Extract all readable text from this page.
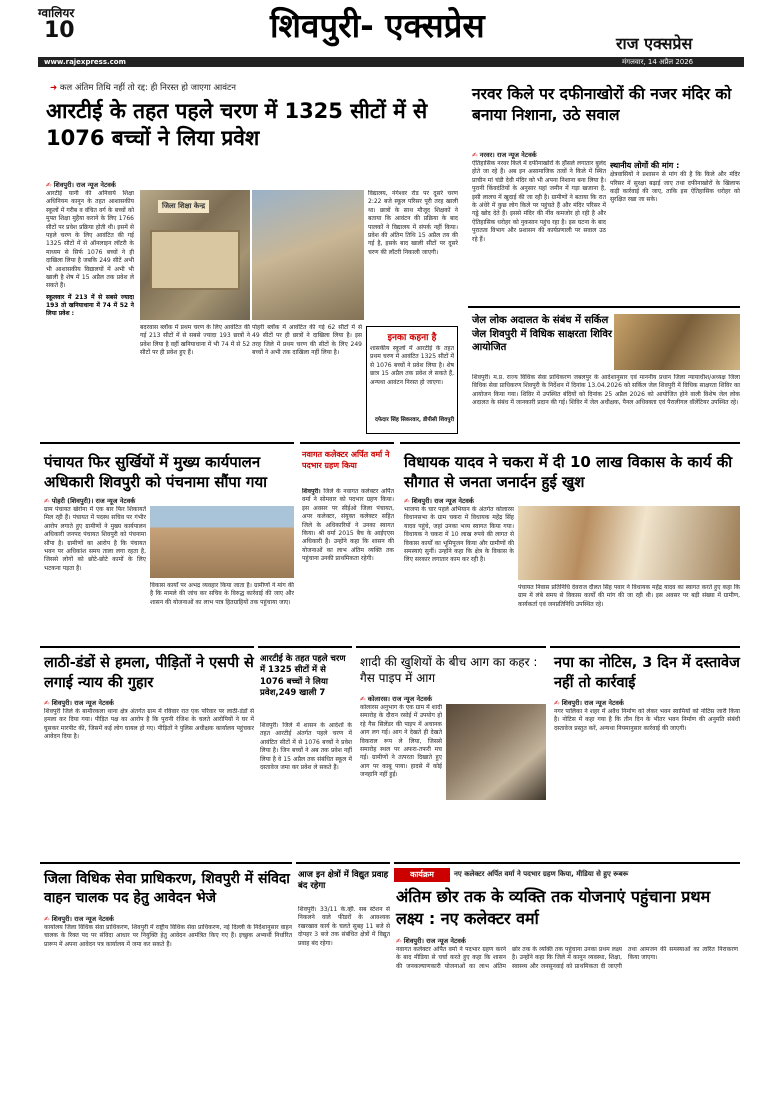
ग्वालियर
10	शिवपुरी- एक्सप्रेस	राज एक्सप्रेस
www.rajexpress.com	मंगलवार, 14 अप्रैल 2026
➜ कल अंतिम तिथि नहीं तो रद्द: ही निरस्त हो जाएगा आवंटन
आरटीई के तहत पहले चरण में 1325 सीटों में से 1076 बच्चों ने लिया प्रवेश
✍ शिवपुरी। राज न्यूज नेटवर्क
आरटीई यानी की अनिवार्य शिक्षा अधिनियम कानून के तहत आशासकीय स्कूलों में गरीब व वंचित वर्ग के बच्चों को मुफ्त शिक्षा मुहैया कराने के लिए 1766 सीटों पर प्रवेश प्रक्रिया होती थी। इसमें से पहले चरण के लिए आवंटित की गई 1325 सीटों में से ऑनलाइन लॉटरी के माध्यम से सिर्फ 1076 बच्चों ने ही दाखिला लिया है जबकि 249 सीटें अभी भी आशासकीय विद्यालयों में अभी भी खाली है शेष में 15 अप्रैल तक प्रवेश ले सकते हैं।
स्कूलवार में 213 में से सबसे ज्यादा 193 तो खनियाधाना में 74 में 52 ने लिया प्रवेश :
जिला शिक्षा केन्द्र
विद्यालय, नंगेश्वर रोड पर दूसरे चरण 2:22 बजे स्कूल परिसर पूरी तरह खाली था। छात्रों के साथ मौजूद शिक्षकों ने बताया कि आवंटन की प्रक्रिया के बाद पालकों ने विद्यालय में संपर्क नहीं किया। प्रवेश की अंतिम तिथि 15 अप्रैल तय की गई है, इसके बाद खाली सीटों पर दूसरे चरण की लॉटरी निकाली जाएगी।
बदरवास ब्लॉक में प्रथम चरण के लिए आवंटित की गई 213 सीटों में से सबसे ज्यादा 193 छात्रों ने प्रवेश लिया है वहीं खनियाधाना में भी 74 में से 52 सीटों पर ही प्रवेश हुए हैं।
पोहरी ब्लॉक में आवंटित की गई 62 सीटों में से 49 सीटों पर ही छात्रों ने दाखिला लिया है। इस तरह जिले में प्रथम चरण की सीटों के लिए 249 बच्चों ने अभी तक दाखिला नहीं लिया है।
इनका कहना है
शासकीय स्कूलों में आरटीई के तहत प्रथम चरण में आवंटित 1325 सीटों में से 1076 बच्चों ने प्रवेश लिया है। शेष छात्र 15 अप्रैल तक प्रवेश ले सकते हैं, अन्यथा आवंटन निरस्त हो जाएगा।
दफेदार सिंह सिकरवार, डीपीसी शिवपुरी
नरवर किले पर दफीनाखोरों की नजर मंदिर को बनाया निशाना, उठे सवाल
✍ नरवर। राज न्यूज नेटवर्क
ऐतिहासिक नरवर किले में दफीनाखोरों के हौंसले लगातार बुलंद होते जा रहे हैं। अब इन असामाजिक तत्वों ने किले में स्थित प्राचीन मां चंडी देवी मंदिर को भी अपना निशाना बना लिया है। पुरानी किंवदंतियों के अनुसार यहां जमीन में गड़ा खजाना है, इसी लालच में खुदाई की जा रही है। ग्रामीणों ने बताया कि रात के अंधेरे में कुछ लोग किले पर पहुंचते हैं और मंदिर परिसर में गड्ढे खोद देते हैं। इससे मंदिर की नींव कमजोर हो रही है और ऐतिहासिक धरोहर को नुकसान पहुंच रहा है। इस घटना के बाद पुरातत्व विभाग और प्रशासन की कार्यप्रणाली पर सवाल उठ रहे हैं।
स्थानीय लोगों की मांग :
क्षेत्रवासियों ने प्रशासन से मांग की है कि किले और मंदिर परिसर में सुरक्षा बढ़ाई जाए तथा दफीनाखोरों के खिलाफ कड़ी कार्रवाई की जाए, ताकि इस ऐतिहासिक धरोहर को सुरक्षित रखा जा सके।
जेल लोक अदालत के संबंध में सर्किल जेल शिवपुरी में विधिक साक्षरता शिविर आयोजित
शिवपुरी। म.प्र. राज्य विधिक सेवा प्राधिकरण जबलपुर के आदेशानुसार एवं माननीय प्रधान जिला न्यायाधीश/अध्यक्ष जिला विधिक सेवा प्राधिकरण शिवपुरी के निर्देशन में दिनांक 13.04.2026 को सर्किल जेल शिवपुरी में विधिक साक्षरता शिविर का आयोजन किया गया। शिविर में उपस्थित बंदियों को दिनांक 25 अप्रैल 2026 को आयोजित होने वाली विशेष जेल लोक अदालत के संबंध में जानकारी प्रदान की गई। शिविर में जेल अधीक्षक, पैनल अधिवक्ता एवं पैरालीगल वॉलेंटियर उपस्थित रहे।
पंचायत फिर सुर्खियों में मुख्य कार्यपालन अधिकारी शिवपुरी को पंचनामा सौंपा गया
✍ पोहरी (शिवपुरी)। राज न्यूज नेटवर्क
ग्राम पंचायत खेरोना में एक बार फिर शिकायतें मिल रही हैं। पंचायत में पदस्थ सचिव पर गंभीर आरोप लगाते हुए ग्रामीणों ने मुख्य कार्यपालन अधिकारी जनपद पंचायत शिवपुरी को पंचनामा सौंपा है। ग्रामीणों का आरोप है कि पंचायत भवन पर अधिकांश समय ताला लगा रहता है, जिससे लोगों को छोटे-छोटे कामों के लिए भटकना पड़ता है।
विकास कार्यों पर अभद्र व्यवहार किया जाता है। ग्रामीणों ने मांग की है कि मामले की जांच कर सचिव के विरुद्ध कार्रवाई की जाए और शासन की योजनाओं का लाभ पात्र हितग्राहियों तक पहुंचाया जाए।
नवागत कलेक्टर अर्पित वर्मा ने पदभार ग्रहण किया
शिवपुरी। जिले के नवागत कलेक्टर अर्पित वर्मा ने सोमवार को पदभार ग्रहण किया। इस अवसर पर सीईओ जिला पंचायत, अपर कलेक्टर, संयुक्त कलेक्टर सहित जिले के अधिकारियों ने उनका स्वागत किया। श्री वर्मा 2015 बैच के आईएएस अधिकारी हैं। उन्होंने कहा कि शासन की योजनाओं का लाभ अंतिम व्यक्ति तक पहुंचाना उनकी प्राथमिकता रहेगी।
विधायक यादव ने चकरा में दी 10 लाख विकास के कार्य की सौगात से जनता जनार्दन हुई खुश
✍ शिवपुरी। राज न्यूज नेटवर्क
भाजपा के चार पहले अभियान के अंतर्गत कोलारस विधानसभा के ग्राम चकरा में विधायक महेंद्र सिंह यादव पहुंचे, जहां उनका भव्य स्वागत किया गया। विधायक ने चकरा में 10 लाख रुपये की लागत से विकास कार्यों का भूमिपूजन किया और ग्रामीणों की समस्याएं सुनीं। उन्होंने कहा कि क्षेत्र के विकास के लिए सरकार लगातार काम कर रही है।
पंचायत निवास प्रतिनिधि देवराज दौलत सिंह पवार ने विधायक महेंद्र यादव का स्वागत करते हुए कहा कि ग्राम में लंबे समय से विकास कार्यों की मांग की जा रही थी। इस अवसर पर बड़ी संख्या में ग्रामीण, कार्यकर्ता एवं जनप्रतिनिधि उपस्थित रहे।
लाठी-डंडों से हमला, पीड़ितों ने एसपी से लगाई न्याय की गुहार
✍ शिवपुरी। राज न्यूज नेटवर्क
शिवपुरी जिले के बामौरकला थाना क्षेत्र अंतर्गत ग्राम में रविवार रात एक परिवार पर लाठी-डंडों से हमला कर दिया गया। पीड़ित पक्ष का आरोप है कि पुरानी रंजिश के चलते आरोपियों ने घर में घुसकर मारपीट की, जिसमें कई लोग घायल हो गए। पीड़ितों ने पुलिस अधीक्षक कार्यालय पहुंचकर आवेदन दिया है।
आरटीई के तहत पहले चरण में 1325 सीटों में से 1076 बच्चों ने लिया प्रवेश,249 खाली 7
शिवपुरी। जिले में शासन के आदेशों के तहत आरटीई अंतर्गत पहले चरण में आवंटित सीटों में से 1076 बच्चों ने प्रवेश लिया है। जिन बच्चों ने अब तक प्रवेश नहीं लिया है वे 15 अप्रैल तक संबंधित स्कूल में दस्तावेज जमा कर प्रवेश ले सकते हैं।
शादी की खुशियों के बीच आग का कहर : गैस पाइप में आग
✍ कोलारस। राज न्यूज नेटवर्क
कोलारस अनुभाग के एक ग्राम में शादी समारोह के दौरान रसोई में उपयोग हो रहे गैस सिलेंडर की पाइप में अचानक आग लग गई। आग ने देखते ही देखते विकराल रूप ले लिया, जिससे समारोह स्थल पर अफरा-तफरी मच गई। ग्रामीणों ने तत्परता दिखाते हुए आग पर काबू पाया। हादसे में कोई जनहानि नहीं हुई।
नपा का नोटिस, 3 दिन में दस्तावेज नहीं तो कार्रवाई
✍ शिवपुरी। राज न्यूज नेटवर्क
नगर पालिका ने शहर में अवैध निर्माण को लेकर भवन स्वामियों को नोटिस जारी किया है। नोटिस में कहा गया है कि तीन दिन के भीतर भवन निर्माण की अनुमति संबंधी दस्तावेज प्रस्तुत करें, अन्यथा नियमानुसार कार्रवाई की जाएगी।
जिला विधिक सेवा प्राधिकरण, शिवपुरी में संविदा वाहन चालक पद हेतु आवेदन भेजे
✍ शिवपुरी। राज न्यूज नेटवर्क
कार्यालय जिला विधिक सेवा प्राधिकरण, शिवपुरी में राष्ट्रीय विधिक सेवा प्राधिकरण, नई दिल्ली के निर्देशानुसार वाहन चालक के रिक्त पद पर संविदा आधार पर नियुक्ति हेतु आवेदन आमंत्रित किए गए हैं। इच्छुक अभ्यर्थी निर्धारित प्रारूप में अपना आवेदन पत्र कार्यालय में जमा कर सकते हैं।
आज इन क्षेत्रों में विद्युत प्रवाह बंद रहेगा
शिवपुरी। 33/11 के.व्ही. सब स्टेशन से निकलने वाले फीडरों के आवश्यक रखरखाव कार्य के चलते सुबह 11 बजे से दोपहर 3 बजे तक संबंधित क्षेत्रों में विद्युत प्रवाह बंद रहेगा।
कार्यक्रम	नए कलेक्टर अर्पित वर्मा ने पदभार ग्रहण किया, मीडिया से हुए रूबरू
अंतिम छोर तक के व्यक्ति तक योजनाएं पहुंचाना प्रथम लक्ष्य : नए कलेक्टर वर्मा
✍ शिवपुरी। राज न्यूज नेटवर्क
नवागत कलेक्टर अर्पित वर्मा ने पदभार ग्रहण करने के बाद मीडिया से चर्चा करते हुए कहा कि शासन की जनकल्याणकारी योजनाओं का लाभ अंतिम छोर तक के व्यक्ति तक पहुंचाना उनका प्रथम लक्ष्य है। उन्होंने कहा कि जिले में कानून व्यवस्था, शिक्षा, स्वास्थ्य और जनसुनवाई को प्राथमिकता दी जाएगी तथा आमजन की समस्याओं का त्वरित निराकरण किया जाएगा।
